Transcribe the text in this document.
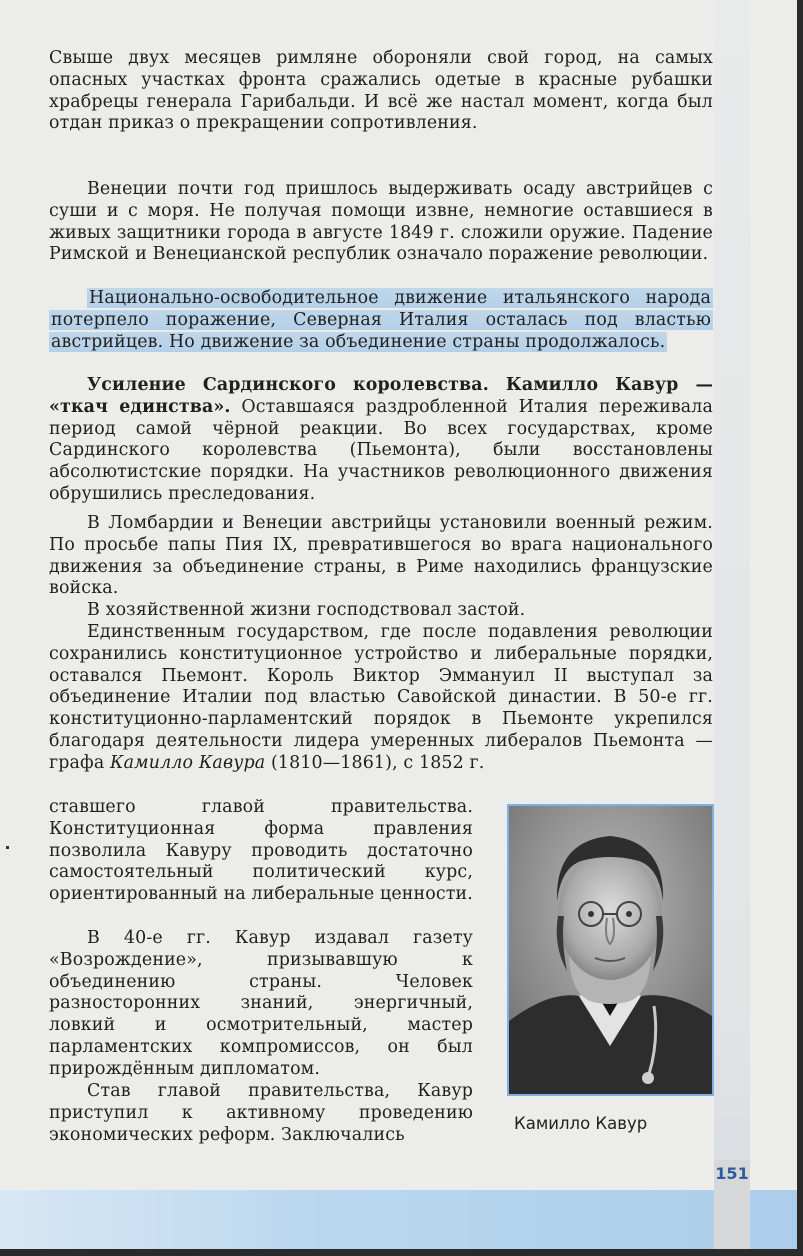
Свыше двух месяцев римляне обороняли свой город, на самых опасных участках фронта сражались одетые в красные рубашки храбрецы генерала Гарибальди. И всё же настал момент, когда был отдан приказ о прекращении сопротивления.

Венеции почти год пришлось выдерживать осаду австрийцев с суши и с моря. Не получая помощи извне, немногие оставшиеся в живых защитники города в августе 1849 г. сложили оружие. Падение Римской и Венецианской республик означало поражение революции.

Национально-освободительное движение итальянского народа потерпело поражение, Северная Италия осталась под властью австрийцев. Но движение за объединение страны продолжалось.

Усиление Сардинского королевства. Камилло Кавур — «ткач единства». Оставшаяся раздробленной Италия переживала период самой чёрной реакции. Во всех государствах, кроме Сардинского королевства (Пьемонта), были восстановлены абсолютистские порядки. На участников революционного движения обрушились преследования.

В Ломбардии и Венеции австрийцы установили военный режим. По просьбе папы Пия IX, превратившегося во врага национального движения за объединение страны, в Риме находились французские войска.

В хозяйственной жизни господствовал застой.

Единственным государством, где после подавления революции сохранились конституционное устройство и либеральные порядки, оставался Пьемонт. Король Виктор Эммануил II выступал за объединение Италии под властью Савойской династии. В 50-е гг. конституционно-парламентский порядок в Пьемонте укрепился благодаря деятельности лидера умеренных либералов Пьемонта — графа Камилло Кавура (1810—1861), с 1852 г.

ставшего главой правительства. Конституционная форма правления позволила Кавуру проводить достаточно самостоятельный политический курс, ориентированный на либеральные ценности.

В 40-е гг. Кавур издавал газету «Возрождение», призывавшую к объединению страны. Человек разносторонних знаний, энергичный, ловкий и осмотрительный, мастер парламентских компромиссов, он был прирождённым дипломатом.

Став главой правительства, Кавур приступил к активному проведению экономических реформ. Заключались

Камилло Кавур
151
